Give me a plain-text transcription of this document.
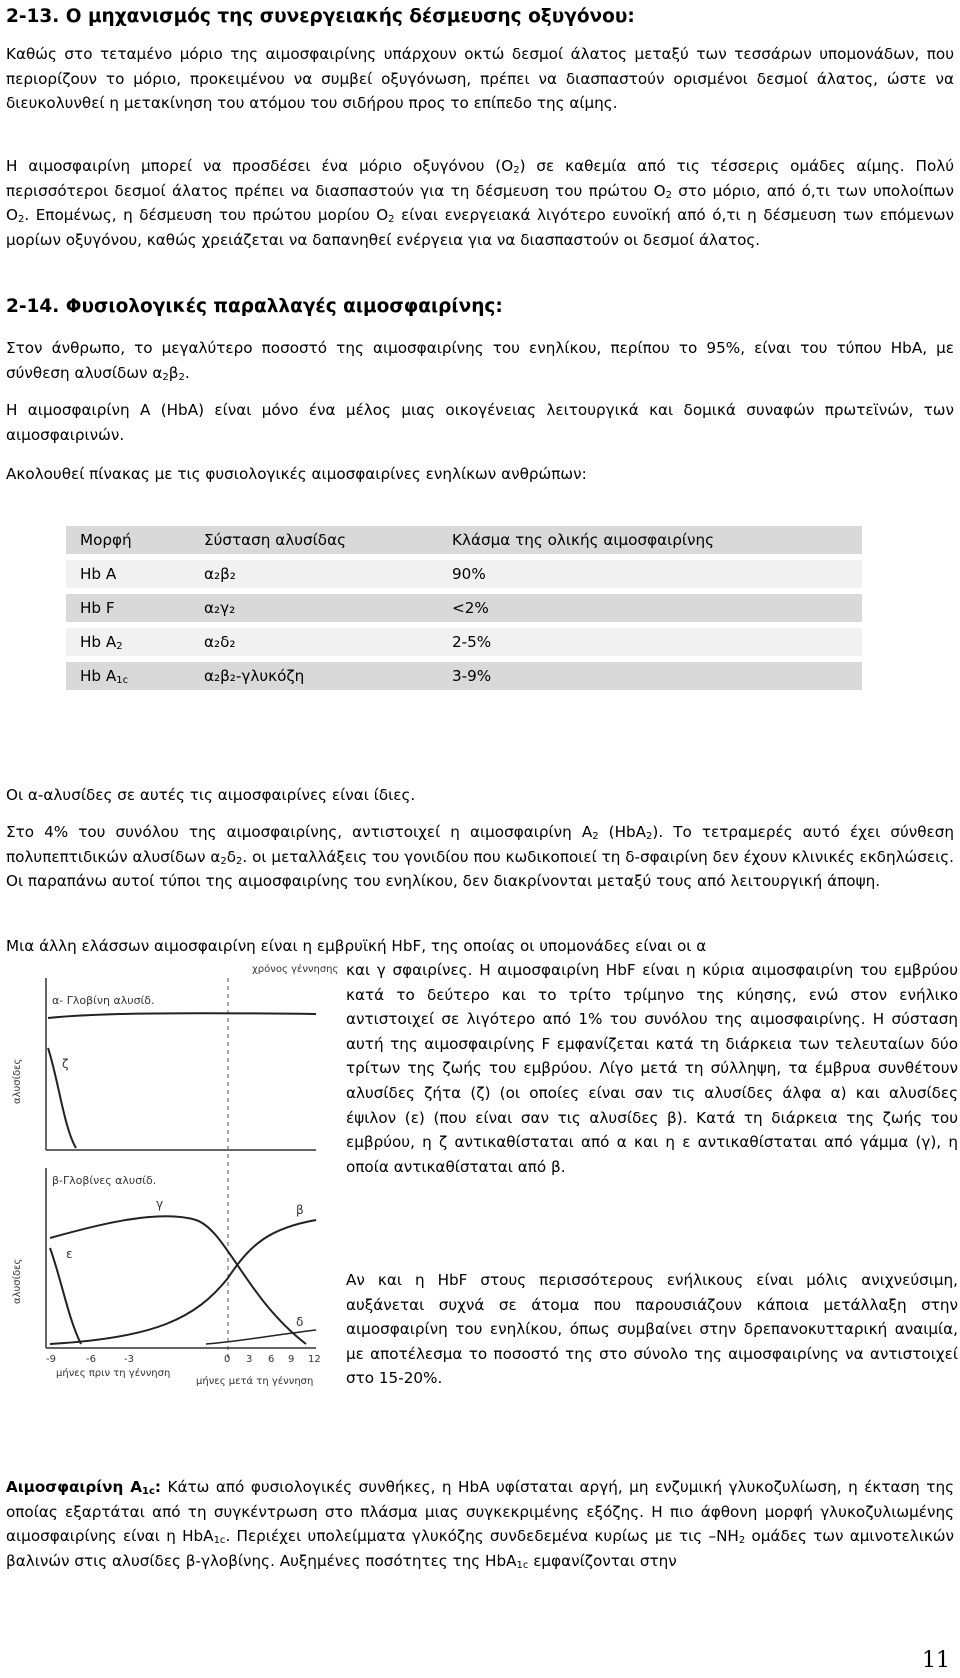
2-13. Ο μηχανισμός της συνεργειακής δέσμευσης οξυγόνου:

Καθώς στο τεταμένο μόριο της αιμοσφαιρίνης υπάρχουν οκτώ δεσμοί άλατος μεταξύ των τεσσάρων υπομονάδων, που περιορίζουν το μόριο, προκειμένου να συμβεί οξυγόνωση, πρέπει να διασπαστούν ορισμένοι δεσμοί άλατος, ώστε να διευκολυνθεί η μετακίνηση του ατόμου του σιδήρου προς το επίπεδο της αίμης.

Η αιμοσφαιρίνη μπορεί να προσδέσει ένα μόριο οξυγόνου $(O_2)$ σε καθεμία από τις τέσσερις ομάδες αίμης. Πολύ περισσότεροι δεσμοί άλατος πρέπει να διασπαστούν για τη δέσμευση του πρώτου $O_2$ στο μόριο, από ό,τι των υπολοίπων $O_2$. Επομένως, η δέσμευση του πρώτου μορίου $O_2$ είναι ενεργειακά λιγότερο ευνοϊκή από ό,τι η δέσμευση των επόμενων μορίων οξυγόνου, καθώς χρειάζεται να δαπανηθεί ενέργεια για να διασπαστούν οι δεσμοί άλατος.

2-14. Φυσιολογικές παραλλαγές αιμοσφαιρίνης:

Στον άνθρωπο, το μεγαλύτερο ποσοστό της αιμοσφαιρίνης του ενηλίκου, περίπου το 95%, είναι του τύπου HbA, με σύνθεση αλυσίδων $\alpha_2\beta_2$.

Η αιμοσφαιρίνη Α (HbA) είναι μόνο ένα μέλος μιας οικογένειας λειτουργικά και δομικά συναφών πρωτεϊνών, των αιμοσφαιρινών.

Ακολουθεί πίνακας με τις φυσιολογικές αιμοσφαιρίνες ενηλίκων ανθρώπων:

Μορφή	Σύσταση αλυσίδας	Κλάσμα της ολικής αιμοσφαιρίνης
Hb A	α₂β₂	90%
Hb F	α₂γ₂	<2%
Hb $A_2$	α₂δ₂	2-5%
Hb $A_{1c}$	α₂β₂-γλυκόζη	3-9%

Οι α-αλυσίδες σε αυτές τις αιμοσφαιρίνες είναι ίδιες.

Στο 4% του συνόλου της αιμοσφαιρίνης, αντιστοιχεί η αιμοσφαιρίνη $A_2$ (HbA$_2$). Το τετραμερές αυτό έχει σύνθεση πολυπεπτιδικών αλυσίδων $\alpha_2\delta_2$. οι μεταλλάξεις του γονιδίου που κωδικοποιεί τη δ-σφαιρίνη δεν έχουν κλινικές εκδηλώσεις. Οι παραπάνω αυτοί τύποι της αιμοσφαιρίνης του ενηλίκου, δεν διακρίνονται μεταξύ τους από λειτουργική άποψη.

Μια άλλη ελάσσων αιμοσφαιρίνη είναι η εμβρυϊκή HbF, της οποίας οι υπομονάδες είναι οι α

χρόνος γέννησης
α- Γλοβίνη αλυσίδ.
ζ
αλυσίδες
β-Γλοβίνες αλυσίδ.
γ	β
ε
δ
αλυσίδες
-9	-6	-3	0 3 6 9 12
μήνες πριν τη γέννηση
μήνες μετά τη γέννηση

και γ σφαιρίνες. Η αιμοσφαιρίνη HbF είναι η κύρια αιμοσφαιρίνη του εμβρύου κατά το δεύτερο και το τρίτο τρίμηνο της κύησης, ενώ στον ενήλικο αντιστοιχεί σε λιγότερο από 1% του συνόλου της αιμοσφαιρίνης. Η σύσταση αυτή της αιμοσφαιρίνης F εμφανίζεται κατά τη διάρκεια των τελευταίων δύο τρίτων της ζωής του εμβρύου. Λίγο μετά τη σύλληψη, τα έμβρυα συνθέτουν αλυσίδες ζήτα (ζ) (οι οποίες είναι σαν τις αλυσίδες άλφα α) και αλυσίδες έψιλον (ε) (που είναι σαν τις αλυσίδες β). Κατά τη διάρκεια της ζωής του εμβρύου, η ζ αντικαθίσταται από α και η ε αντικαθίσταται από γάμμα (γ), η οποία αντικαθίσταται από β.

Αν και η HbF στους περισσότερους ενήλικους είναι μόλις ανιχνεύσιμη, αυξάνεται συχνά σε άτομα που παρουσιάζουν κάποια μετάλλαξη στην αιμοσφαιρίνη του ενηλίκου, όπως συμβαίνει στην δρεπανοκυτταρική αναιμία, με αποτέλεσμα το ποσοστό της στο σύνολο της αιμοσφαιρίνης να αντιστοιχεί στο 15-20%.

Αιμοσφαιρίνη $A_{1c}$: Κάτω από φυσιολογικές συνθήκες, η HbA υφίσταται αργή, μη ενζυμική γλυκοζυλίωση, η έκταση της οποίας εξαρτάται από τη συγκέντρωση στο πλάσμα μιας συγκεκριμένης εξόζης. Η πιο άφθονη μορφή γλυκοζυλιωμένης αιμοσφαιρίνης είναι η HbA$_{1c}$. Περιέχει υπολείμματα γλυκόζης συνδεδεμένα κυρίως με τις $-NH_2$ ομάδες των αμινοτελικών βαλινών στις αλυσίδες β-γλοβίνης. Αυξημένες ποσότητες της HbA$_{1c}$ εμφανίζονται στην

11
